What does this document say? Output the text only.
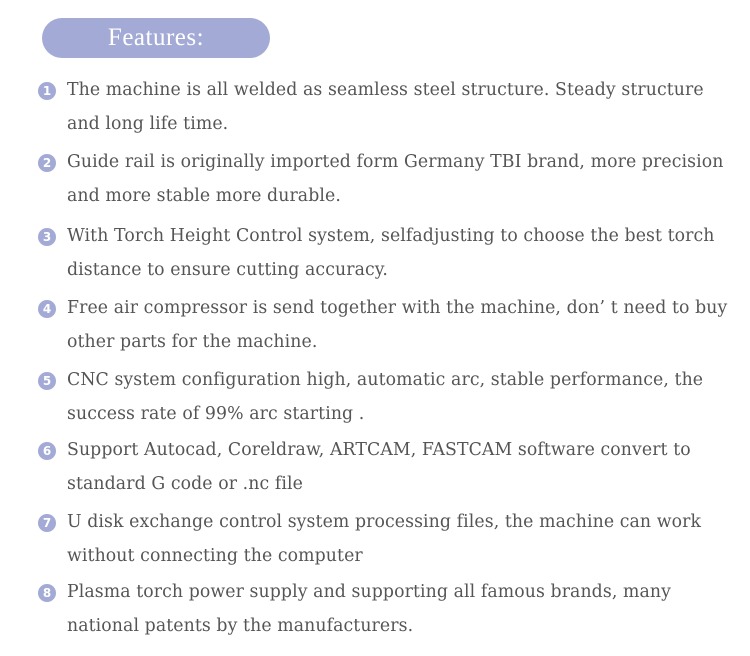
Features:
1 The machine is all welded as seamless steel structure. Steady structure and long life time.
2 Guide rail is originally imported form Germany TBI brand, more precision and more stable more durable.
3 With Torch Height Control system, selfadjusting to choose the best torch distance to ensure cutting accuracy.
4 Free air compressor is send together with the machine, don’ t need to buy other parts for the machine.
5 CNC system configuration high, automatic arc, stable performance, the success rate of 99% arc starting .
6 Support Autocad, Coreldraw, ARTCAM, FASTCAM software convert to standard G code or .nc file
7 U disk exchange control system processing files, the machine can work without connecting the computer
8 Plasma torch power supply and supporting all famous brands, many national patents by the manufacturers.
